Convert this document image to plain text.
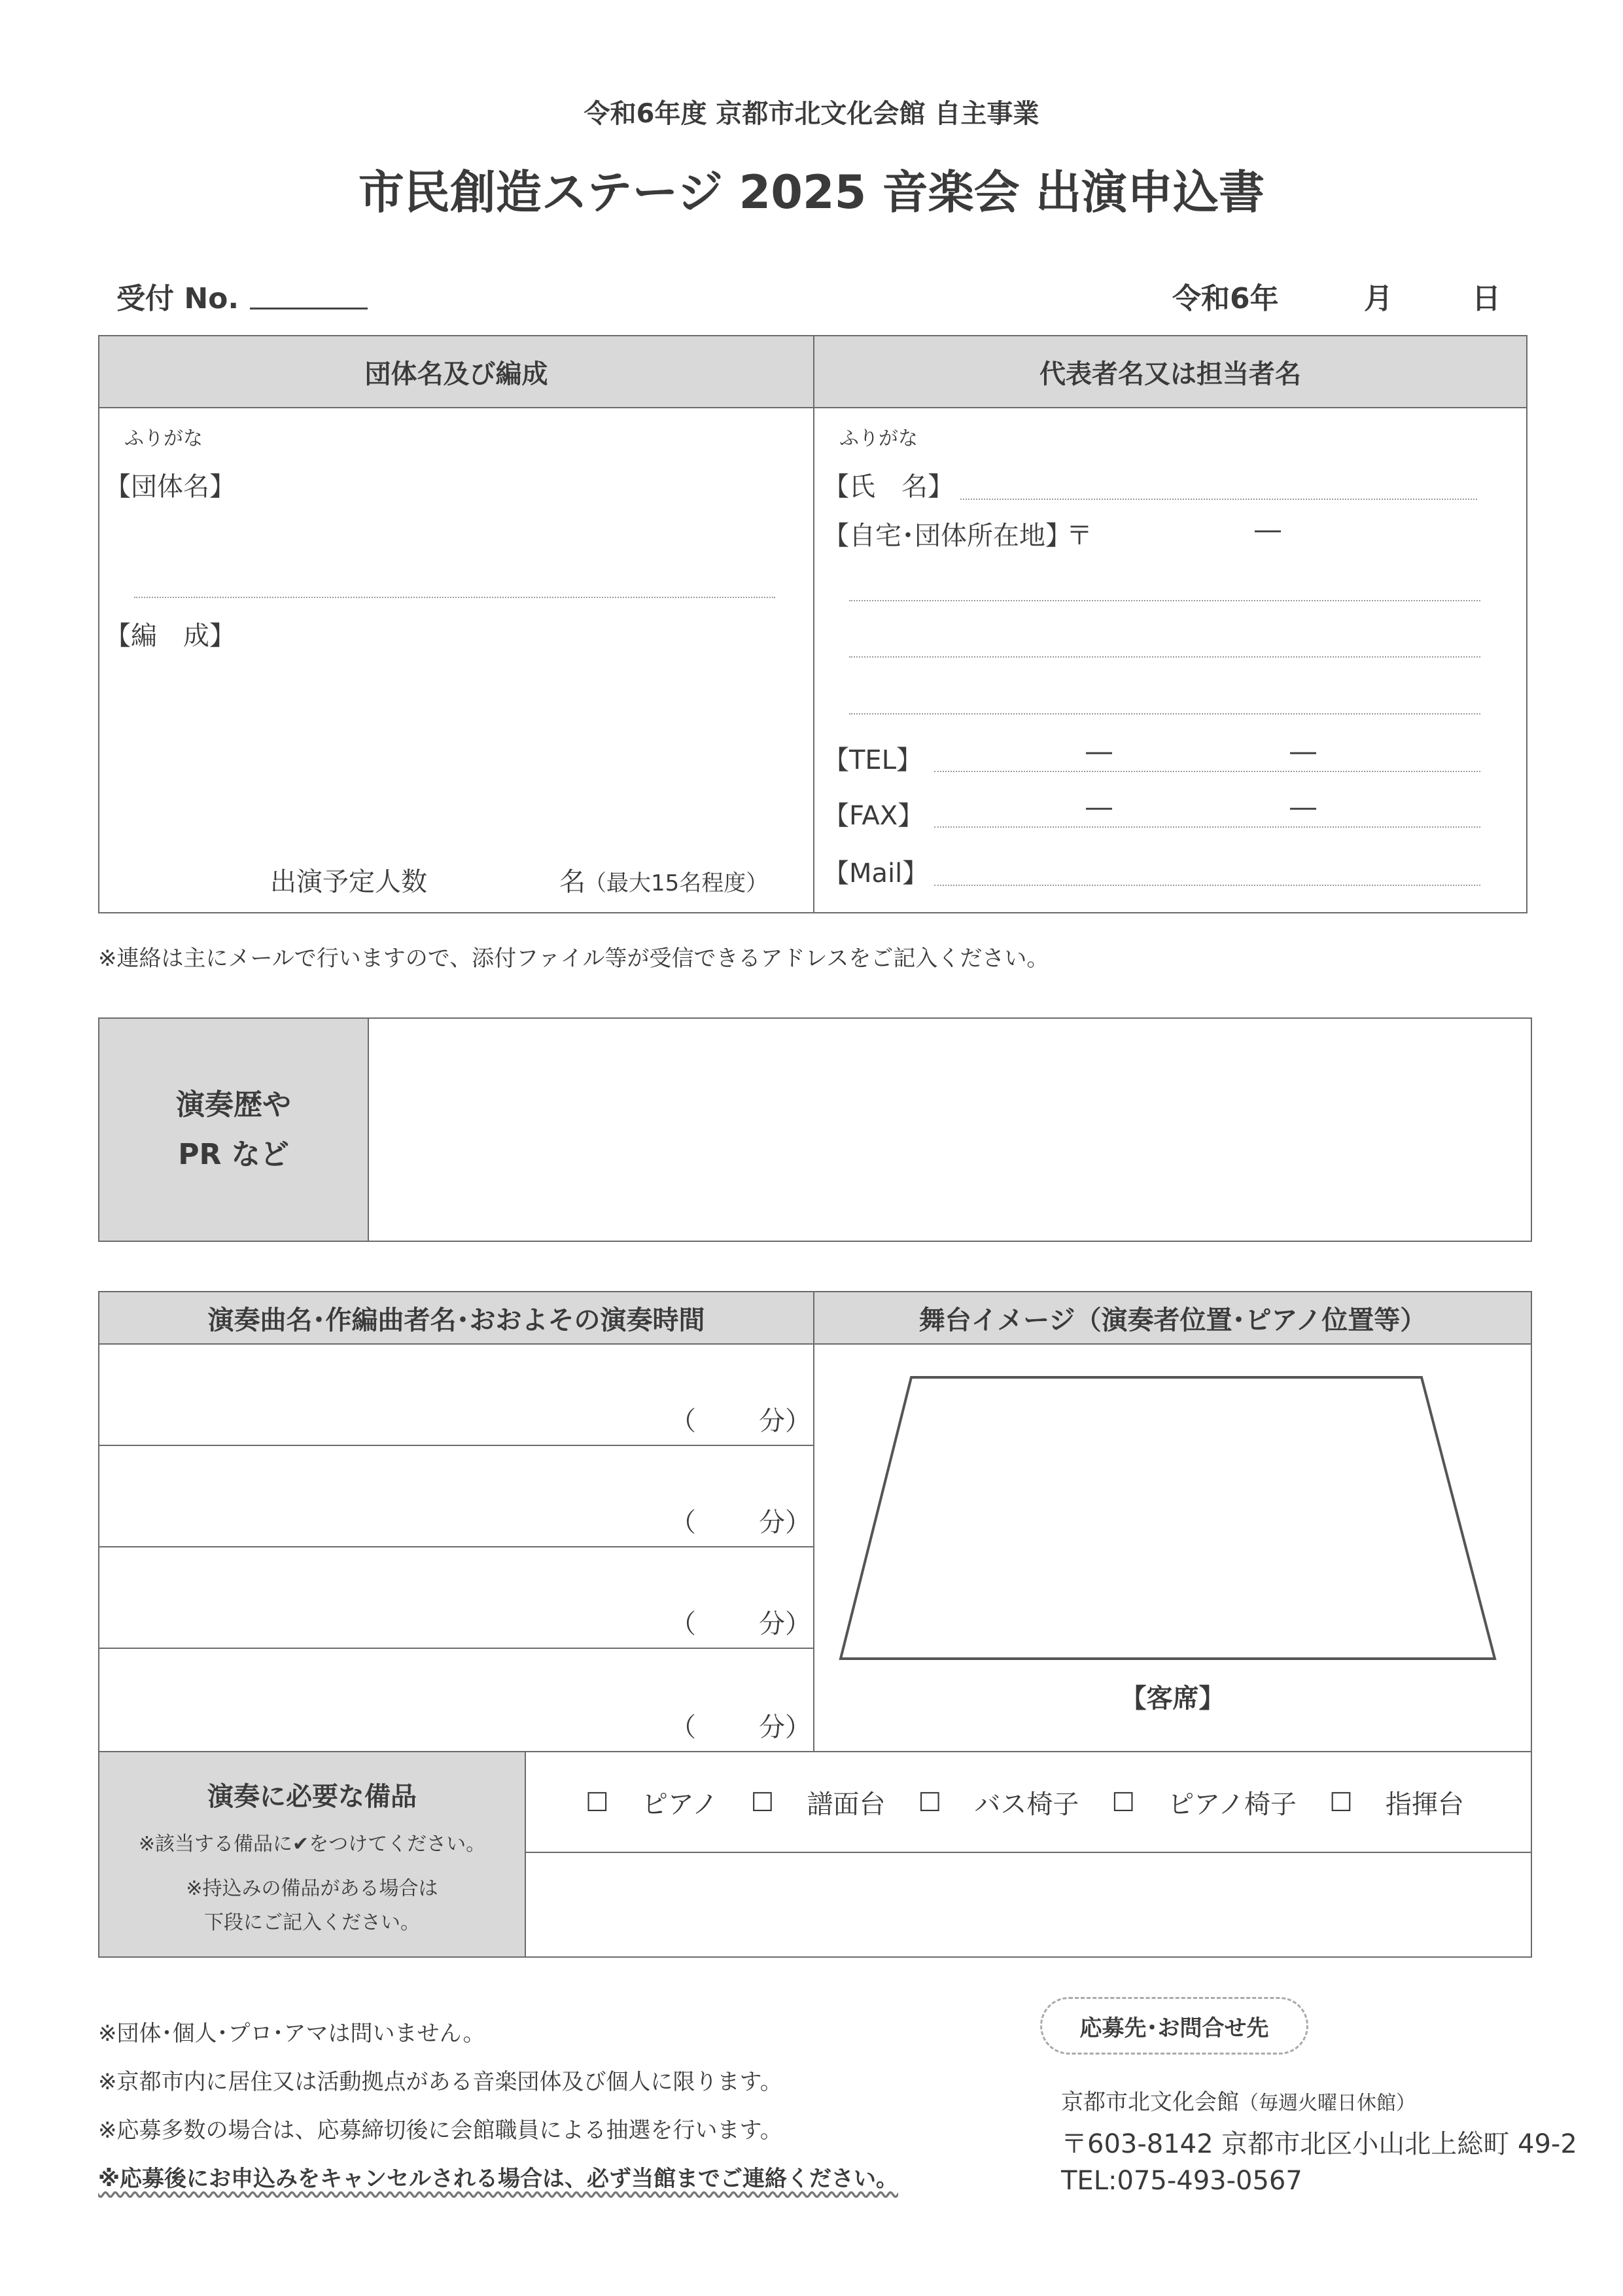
令和6年度 京都市北文化会館 自主事業
市民創造ステージ 2025 音楽会 出演申込書
受付 No.	令和6年	月	日
団体名及び編成	代表者名又は担当者名
ふりがな
【団体名】
【編　成】
出演予定人数	名
（最大15名程度）
ふりがな
【氏　名】
【自宅･団体所在地】
〒	―
【TEL】	―	―
【FAX】	―	―
【Mail】
※連絡は主にメールで行いますので、添付ファイル等が受信できるアドレスをご記入ください。
演奏歴や
PR など
演奏曲名･作編曲者名･おおよその演奏時間	舞台イメージ（演奏者位置･ピアノ位置等）
（ 分）
（ 分）
（ 分）
（ 分）
【客席】
演奏に必要な備品
※該当する備品に✔をつけてください。
※持込みの備品がある場合は
下段にご記入ください。
☐ ピアノ ☐ 譜面台 ☐ バス椅子 ☐ ピアノ椅子 ☐ 指揮台
※団体･個人･プロ･アマは問いません。
※京都市内に居住又は活動拠点がある音楽団体及び個人に限ります。
※応募多数の場合は、応募締切後に会館職員による抽選を行います。
※応募後にお申込みをキャンセルされる場合は、必ず当館までご連絡ください。
応募先･お問合せ先
京都市北文化会館（毎週火曜日休館）
〒603-8142 京都市北区小山北上総町 49-2
TEL:075-493-0567
